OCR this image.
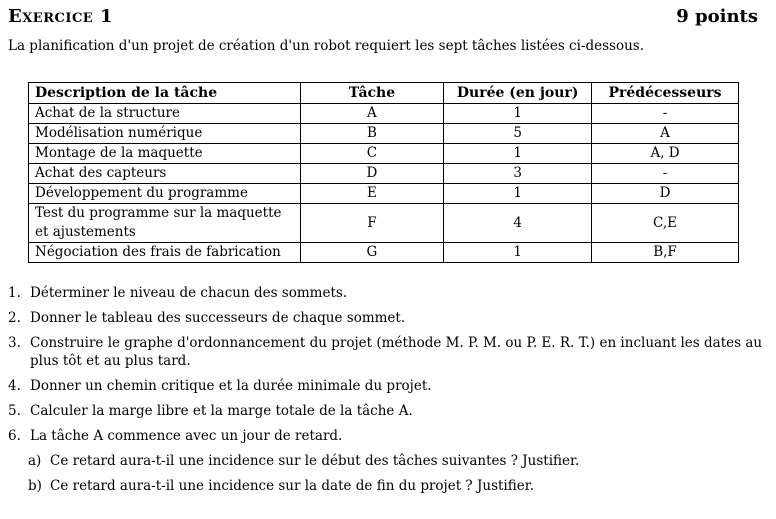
Exercice 1	9 points
La planification d'un projet de création d'un robot requiert les sept tâches listées ci-dessous.
Description de la tâche	Tâche	Durée (en jour)	Prédécesseurs
Achat de la structure	A	1	-
Modélisation numérique	B	5	A
Montage de la maquette	C	1	A, D
Achat des capteurs	D	3	-
Développement du programme	E	1	D
Test du programme sur la maquette et ajustements	F	4	C,E
Négociation des frais de fabrication	G	1	B,F
1. Déterminer le niveau de chacun des sommets.
2. Donner le tableau des successeurs de chaque sommet.
3. Construire le graphe d'ordonnancement du projet (méthode M. P. M. ou P. E. R. T.) en incluant les dates au plus tôt et au plus tard.
4. Donner un chemin critique et la durée minimale du projet.
5. Calculer la marge libre et la marge totale de la tâche A.
6. La tâche A commence avec un jour de retard.
a) Ce retard aura-t-il une incidence sur le début des tâches suivantes ? Justifier.
b) Ce retard aura-t-il une incidence sur la date de fin du projet ? Justifier.
